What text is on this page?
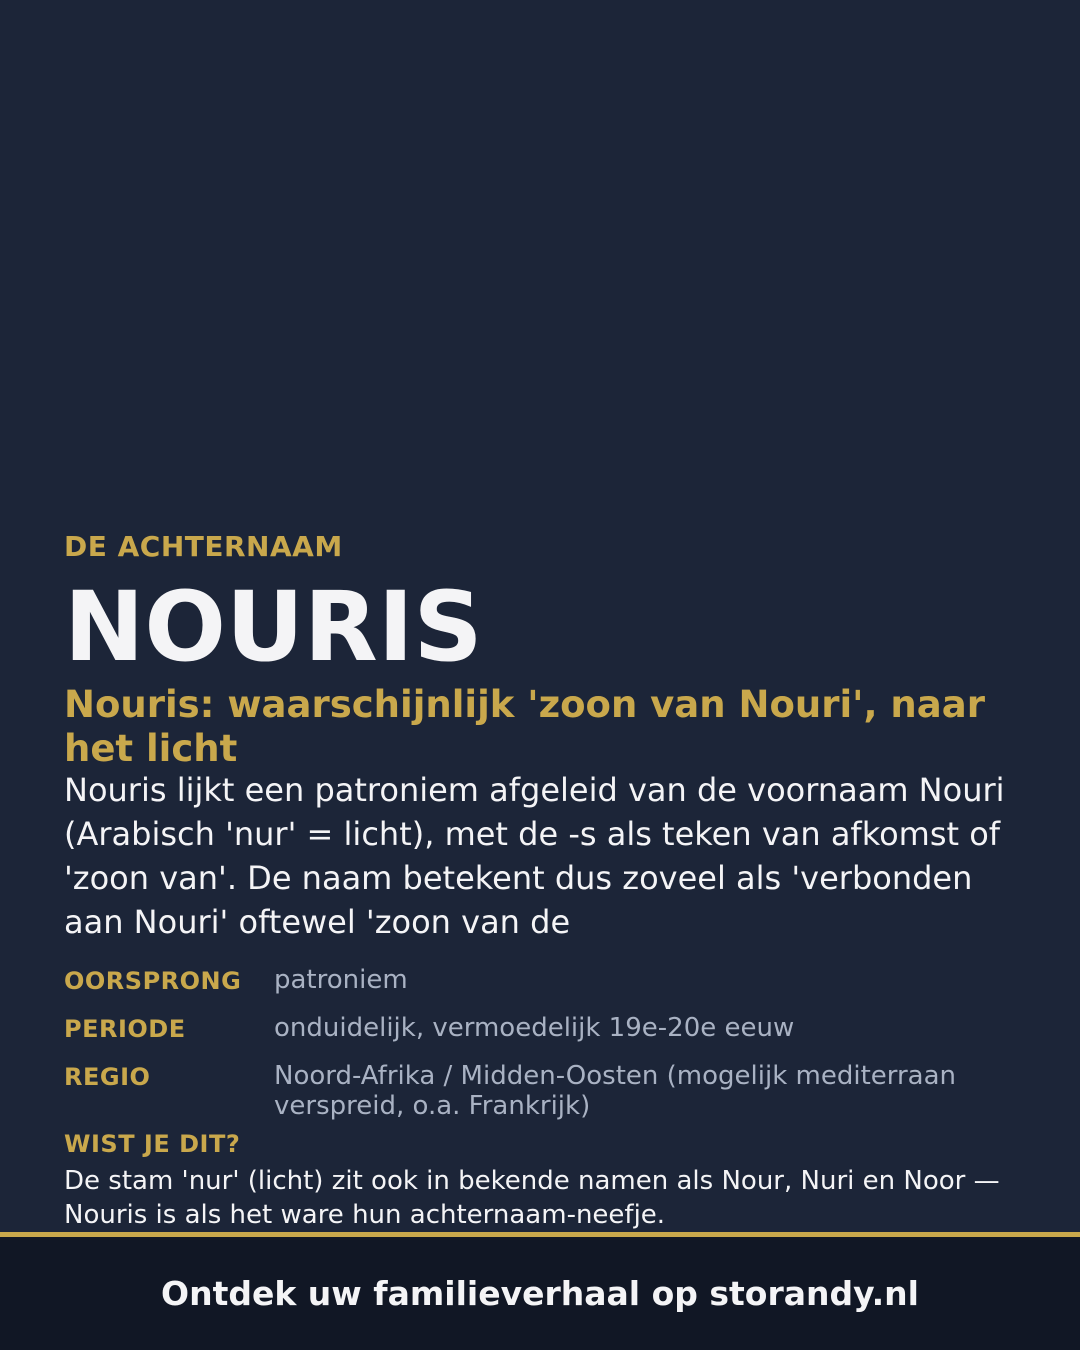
DE ACHTERNAAM
NOURIS
Nouris: waarschijnlijk 'zoon van Nouri', naar het licht
Nouris lijkt een patroniem afgeleid van de voornaam Nouri (Arabisch 'nur' = licht), met de -s als teken van afkomst of 'zoon van'. De naam betekent dus zoveel als 'verbonden aan Nouri' oftewel 'zoon van de
OORSPRONG	patroniem
PERIODE	onduidelijk, vermoedelijk 19e-20e eeuw
REGIO	Noord-Afrika / Midden-Oosten (mogelijk mediterraan verspreid, o.a. Frankrijk)
WIST JE DIT?
De stam 'nur' (licht) zit ook in bekende namen als Nour, Nuri en Noor — Nouris is als het ware hun achternaam-neefje.
Ontdek uw familieverhaal op storandy.nl
